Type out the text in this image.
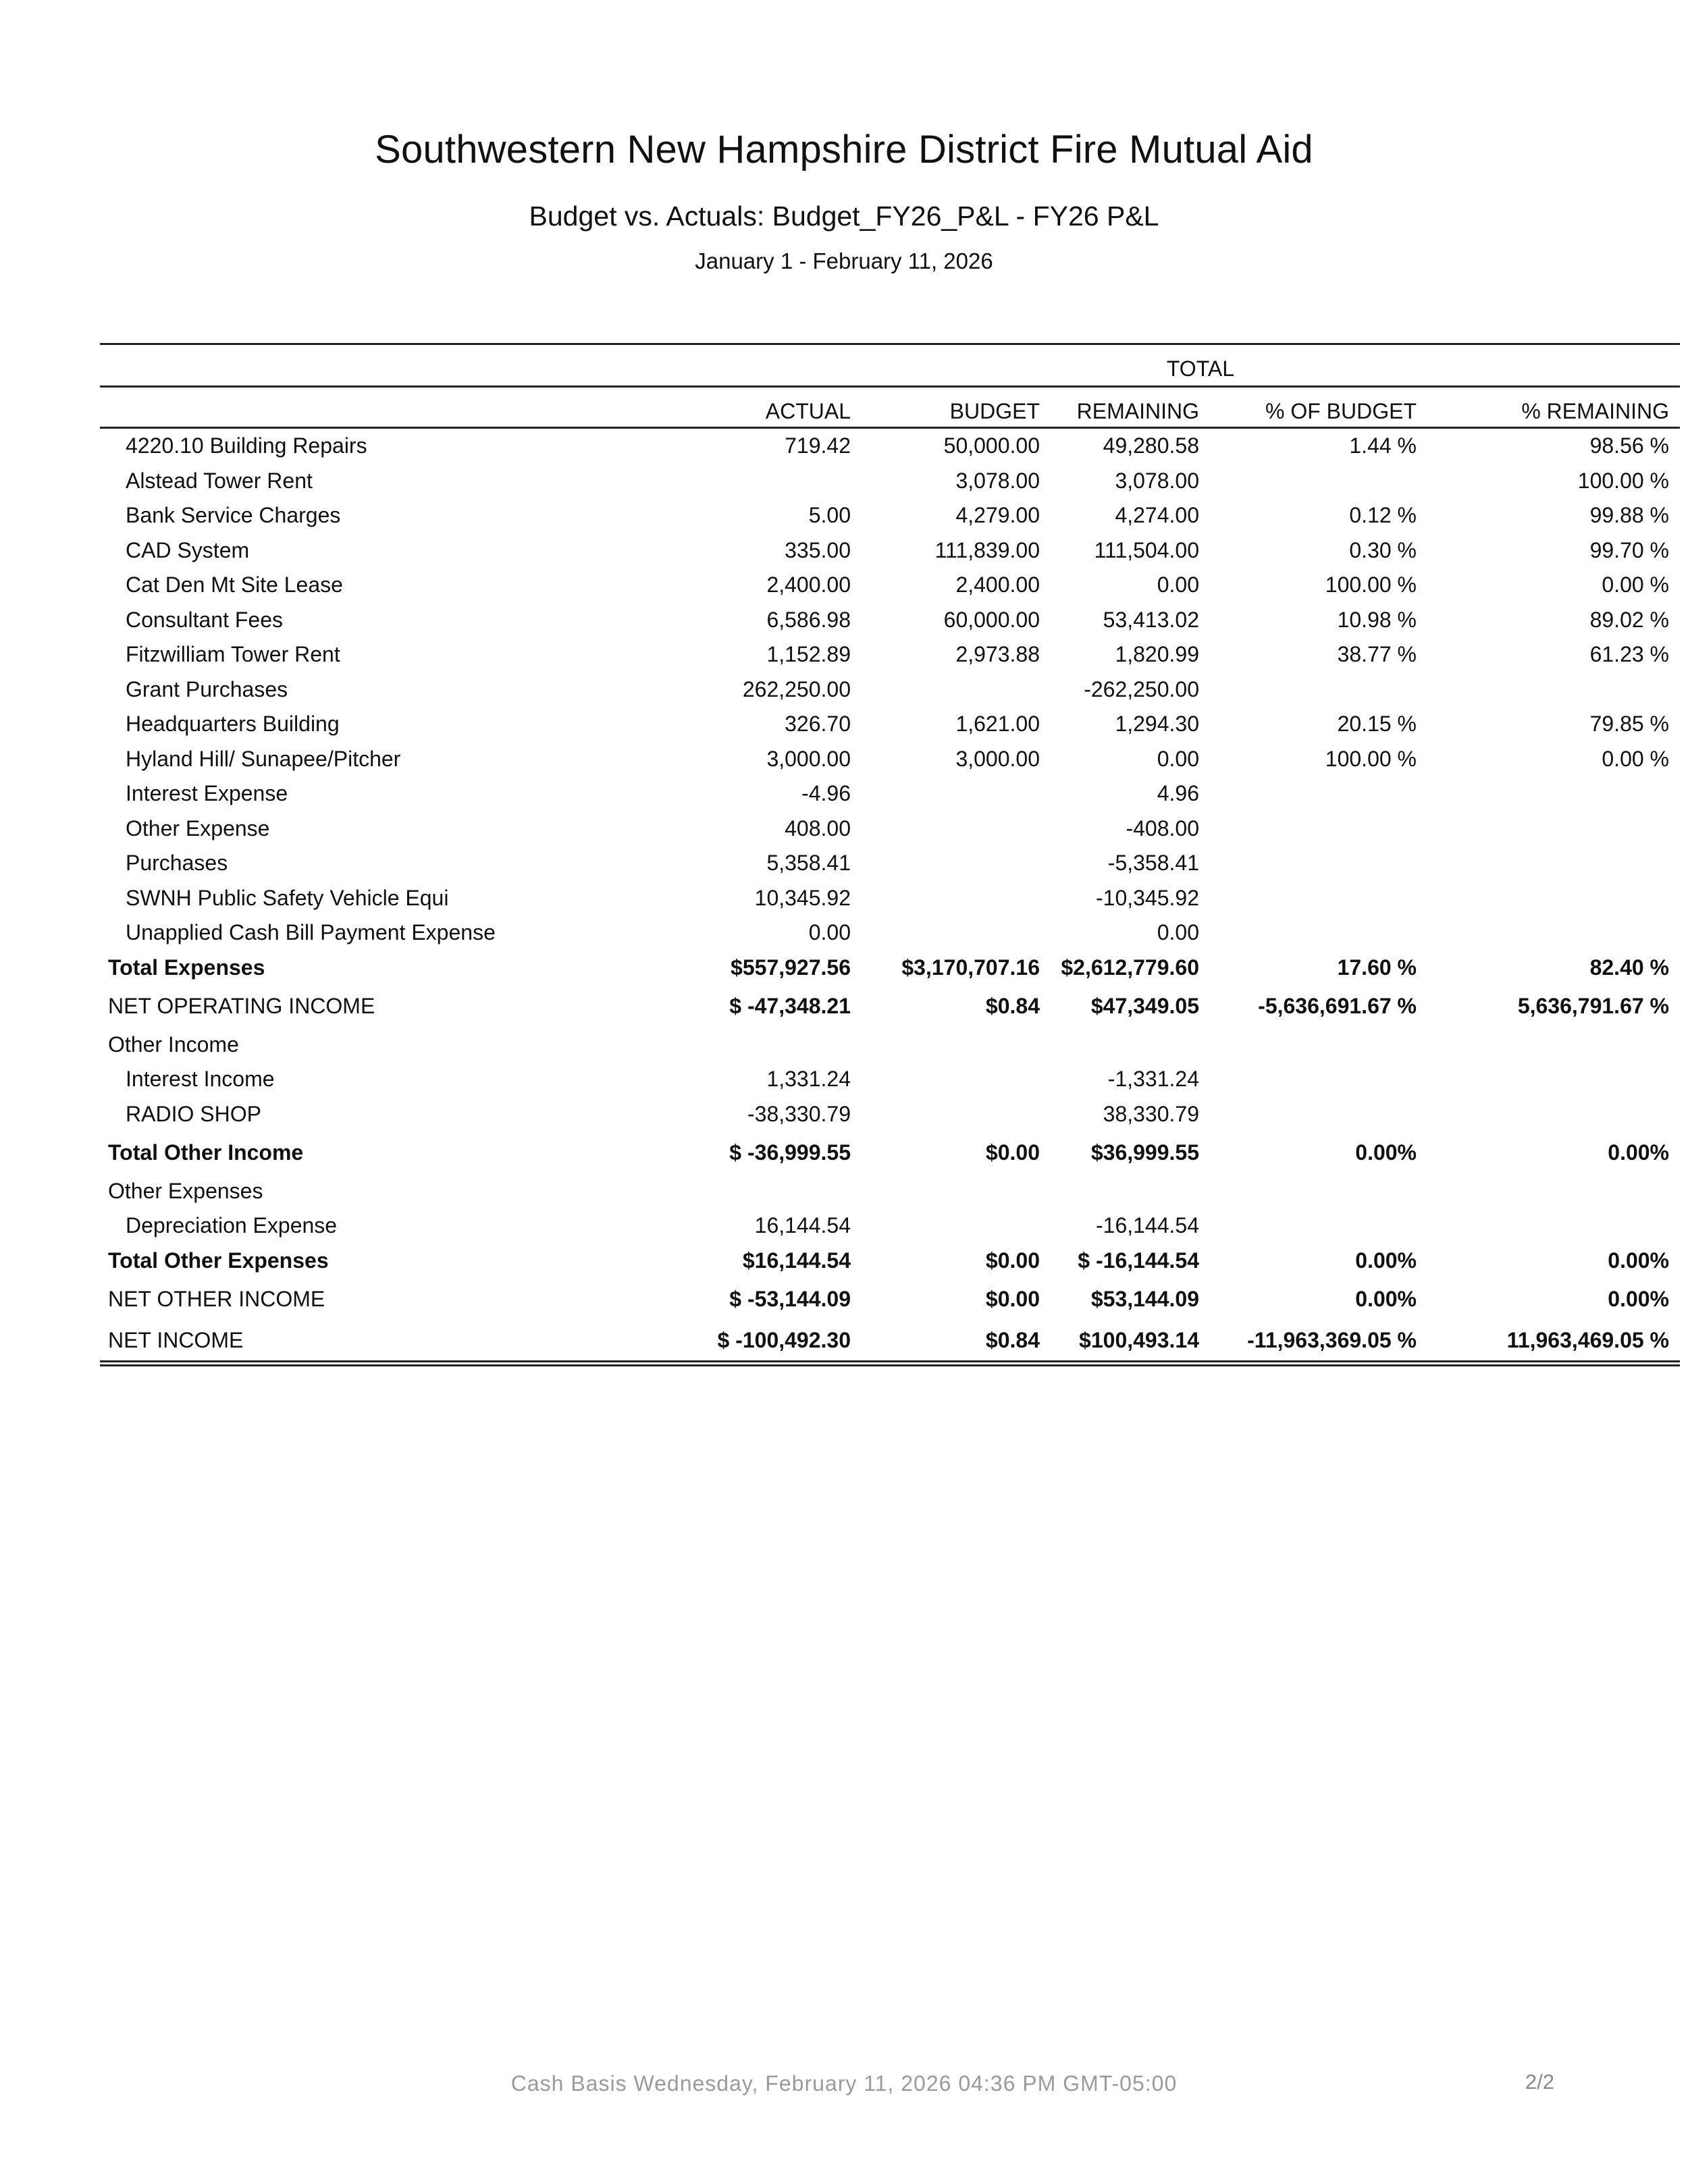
Southwestern New Hampshire District Fire Mutual Aid
Budget vs. Actuals: Budget_FY26_P&L - FY26 P&L
January 1 - February 11, 2026
			TOTAL		
	ACTUAL	BUDGET	REMAINING	% OF BUDGET	% REMAINING
4220.10 Building Repairs	719.42	50,000.00	49,280.58	1.44 %	98.56 %
Alstead Tower Rent		3,078.00	3,078.00		100.00 %
Bank Service Charges	5.00	4,279.00	4,274.00	0.12 %	99.88 %
CAD System	335.00	111,839.00	111,504.00	0.30 %	99.70 %
Cat Den Mt Site Lease	2,400.00	2,400.00	0.00	100.00 %	0.00 %
Consultant Fees	6,586.98	60,000.00	53,413.02	10.98 %	89.02 %
Fitzwilliam Tower Rent	1,152.89	2,973.88	1,820.99	38.77 %	61.23 %
Grant Purchases	262,250.00		-262,250.00		
Headquarters Building	326.70	1,621.00	1,294.30	20.15 %	79.85 %
Hyland Hill/ Sunapee/Pitcher	3,000.00	3,000.00	0.00	100.00 %	0.00 %
Interest Expense	-4.96		4.96		
Other Expense	408.00		-408.00		
Purchases	5,358.41		-5,358.41		
SWNH Public Safety Vehicle Equi	10,345.92		-10,345.92		
Unapplied Cash Bill Payment Expense	0.00		0.00		
Total Expenses	$557,927.56	$3,170,707.16	$2,612,779.60	17.60 %	82.40 %
NET OPERATING INCOME	$ -47,348.21	$0.84	$47,349.05	-5,636,691.67 %	5,636,791.67 %
Other Income					
Interest Income	1,331.24		-1,331.24		
RADIO SHOP	-38,330.79		38,330.79		
Total Other Income	$ -36,999.55	$0.00	$36,999.55	0.00%	0.00%
Other Expenses					
Depreciation Expense	16,144.54		-16,144.54		
Total Other Expenses	$16,144.54	$0.00	$ -16,144.54	0.00%	0.00%
NET OTHER INCOME	$ -53,144.09	$0.00	$53,144.09	0.00%	0.00%
NET INCOME	$ -100,492.30	$0.84	$100,493.14	-11,963,369.05 %	11,963,469.05 %
Cash Basis Wednesday, February 11, 2026 04:36 PM GMT-05:00	2/2
